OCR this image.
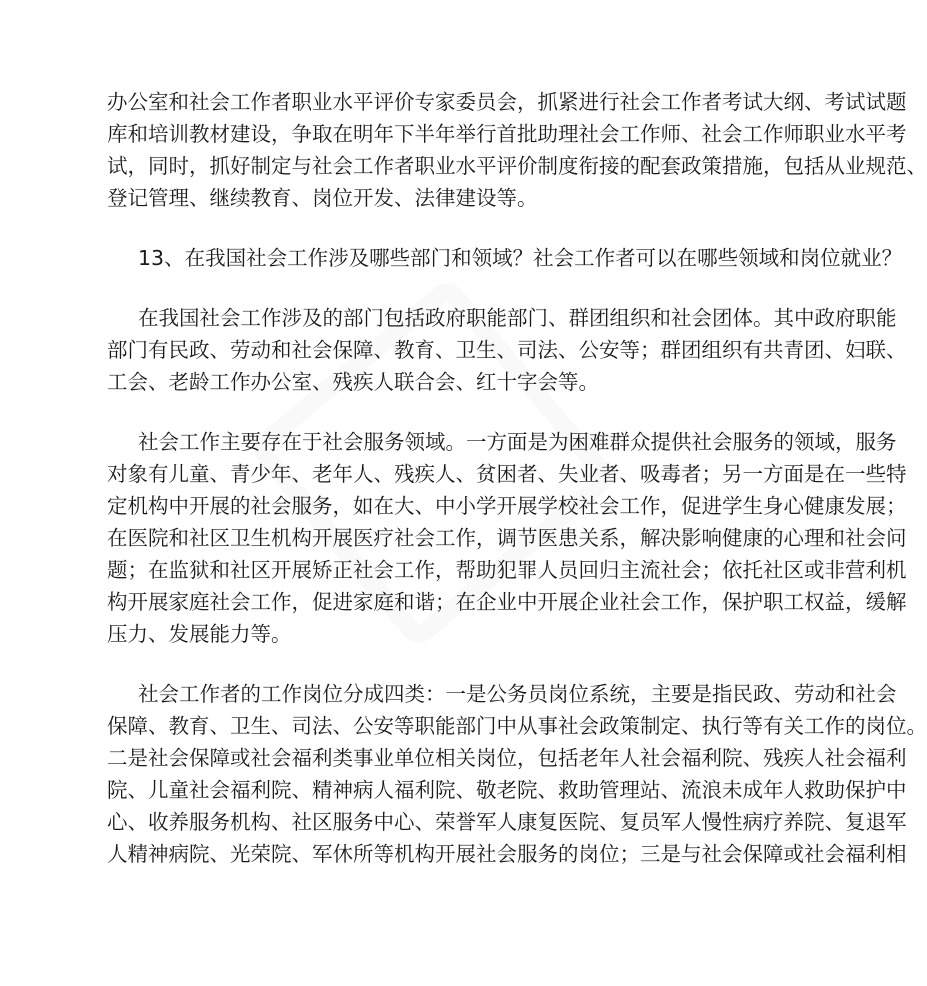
办公室和社会工作者职业水平评价专家委员会，抓紧进行社会工作者考试大纲、考试试题
库和培训教材建设，争取在明年下半年举行首批助理社会工作师、社会工作师职业水平考
试，同时，抓好制定与社会工作者职业水平评价制度衔接的配套政策措施，包括从业规范、
登记管理、继续教育、岗位开发、法律建设等。
13、在我国社会工作涉及哪些部门和领域？社会工作者可以在哪些领域和岗位就业？
在我国社会工作涉及的部门包括政府职能部门、群团组织和社会团体。其中政府职能
部门有民政、劳动和社会保障、教育、卫生、司法、公安等；群团组织有共青团、妇联、
工会、老龄工作办公室、残疾人联合会、红十字会等。
社会工作主要存在于社会服务领域。一方面是为困难群众提供社会服务的领域，服务
对象有儿童、青少年、老年人、残疾人、贫困者、失业者、吸毒者；另一方面是在一些特
定机构中开展的社会服务，如在大、中小学开展学校社会工作，促进学生身心健康发展；
在医院和社区卫生机构开展医疗社会工作，调节医患关系，解决影响健康的心理和社会问
题；在监狱和社区开展矫正社会工作，帮助犯罪人员回归主流社会；依托社区或非营利机
构开展家庭社会工作，促进家庭和谐；在企业中开展企业社会工作，保护职工权益，缓解
压力、发展能力等。
社会工作者的工作岗位分成四类：一是公务员岗位系统，主要是指民政、劳动和社会
保障、教育、卫生、司法、公安等职能部门中从事社会政策制定、执行等有关工作的岗位。
二是社会保障或社会福利类事业单位相关岗位，包括老年人社会福利院、残疾人社会福利
院、儿童社会福利院、精神病人福利院、敬老院、救助管理站、流浪未成年人救助保护中
心、收养服务机构、社区服务中心、荣誉军人康复医院、复员军人慢性病疗养院、复退军
人精神病院、光荣院、军休所等机构开展社会服务的岗位；三是与社会保障或社会福利相
